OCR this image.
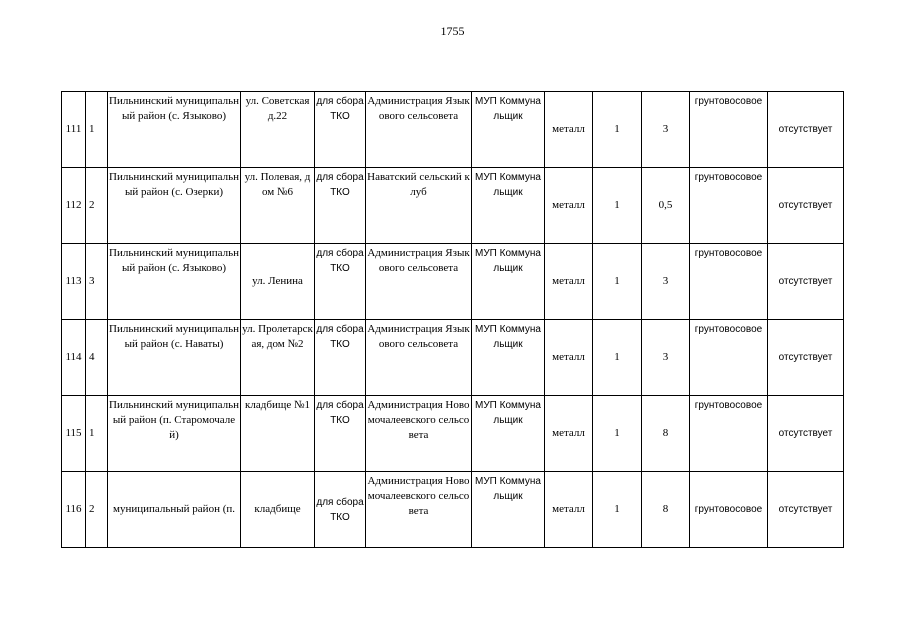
1755
111	1	Пильнинский муниципальный район (с. Языково)	ул. Советская д.22	для сбора ТКО	Администрация Языкового сельсовета	МУП Коммунальщик	металл	1	3	грунтовосовое	отсутствует
112	2	Пильнинский муниципальный район (с. Озерки)	ул. Полевая, дом №6	для сбора ТКО	Наватский сельский клуб	МУП Коммунальщик	металл	1	0,5	грунтовосовое	отсутствует
113	3	Пильнинский муниципальный район (с. Языково)	ул. Ленина	для сбора ТКО	Администрация Языкового сельсовета	МУП Коммунальщик	металл	1	3	грунтовосовое	отсутствует
114	4	Пильнинский муниципальный район (с. Наваты)	ул. Пролетарская, дом №2	для сбора ТКО	Администрация Языкового сельсовета	МУП Коммунальщик	металл	1	3	грунтовосовое	отсутствует
115	1	Пильнинский муниципальный район (п. Старомочалей)	кладбище №1	для сбора ТКО	Администрация Новомочалеевского сельсовета	МУП Коммунальщик	металл	1	8	грунтовосовое	отсутствует
116	2	муниципальный район (п.	кладбище	для сбора ТКО	Администрация Новомочалеевского сельсовета	МУП Коммунальщик	металл	1	8	грунтовосовое	отсутствует
